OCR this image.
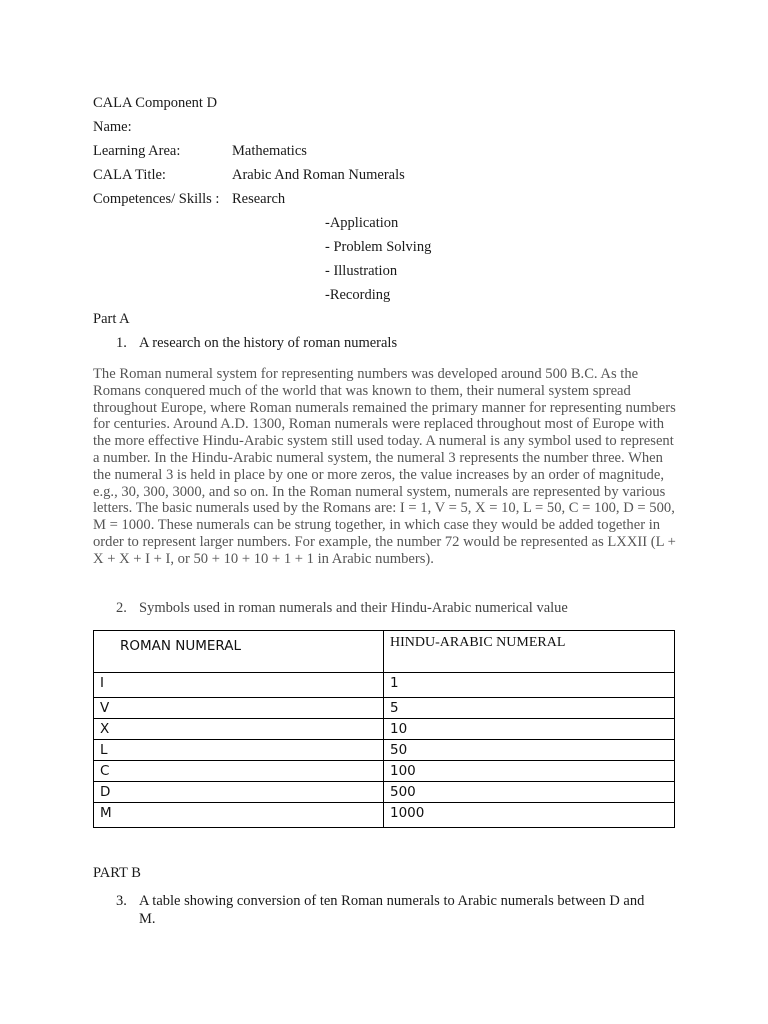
CALA Component D
Name:
Learning Area:	Mathematics
CALA Title:	Arabic And Roman Numerals
Competences/ Skills : Research
-Application
- Problem Solving
- Illustration
-Recording
Part A
1. A research on the history of roman numerals
The Roman numeral system for representing numbers was developed around 500 B.C. As the Romans conquered much of the world that was known to them, their numeral system spread throughout Europe, where Roman numerals remained the primary manner for representing numbers for centuries. Around A.D. 1300, Roman numerals were replaced throughout most of Europe with the more effective Hindu-Arabic system still used today. A numeral is any symbol used to represent a number. In the Hindu-Arabic numeral system, the numeral 3 represents the number three. When the numeral 3 is held in place by one or more zeros, the value increases by an order of magnitude, e.g., 30, 300, 3000, and so on. In the Roman numeral system, numerals are represented by various letters. The basic numerals used by the Romans are: I = 1, V = 5, X = 10, L = 50, C = 100, D = 500, M = 1000. These numerals can be strung together, in which case they would be added together in order to represent larger numbers. For example, the number 72 would be represented as LXXII (L + X + X + I + I, or 50 + 10 + 10 + 1 + 1 in Arabic numbers).
2. Symbols used in roman numerals and their Hindu-Arabic numerical value
ROMAN NUMERAL	HINDU-ARABIC NUMERAL
I	1
V	5
X	10
L	50
C	100
D	500
M	1000
PART B
3. A table showing conversion of ten Roman numerals to Arabic numerals between D and M.
